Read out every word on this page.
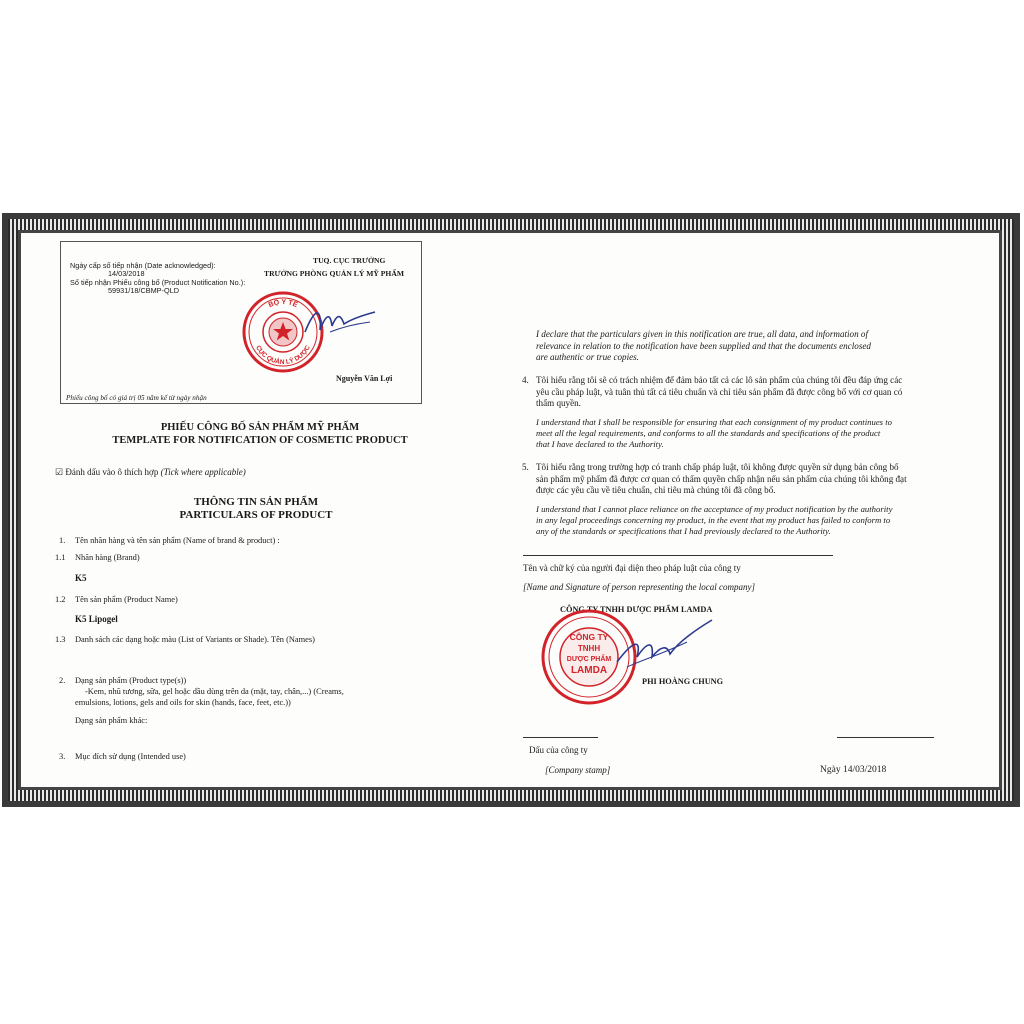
Ngày cấp số tiếp nhận (Date acknowledged):
14/03/2018
Số tiếp nhận Phiếu công bố (Product Notification No.):
59931/18/CBMP-QLD
TUQ. CỤC TRƯỞNG
TRƯỞNG PHÒNG QUẢN LÝ MỸ PHẨM
BỘ Y TẾ
CỤC QUẢN LÝ DƯỢC
Nguyễn Văn Lợi
Phiếu công bố có giá trị 05 năm kể từ ngày nhận
PHIẾU CÔNG BỐ SẢN PHẨM MỸ PHẨM
TEMPLATE FOR NOTIFICATION OF COSMETIC PRODUCT
☑ Đánh dấu vào ô thích hợp (Tick where applicable)
THÔNG TIN SẢN PHẨM
PARTICULARS OF PRODUCT
1. Tên nhãn hàng và tên sản phẩm (Name of brand & product) :
1.1 Nhãn hàng (Brand)
K5
1.2 Tên sản phẩm (Product Name)
K5 Lipogel
1.3 Danh sách các dạng hoặc màu (List of Variants or Shade). Tên (Names)
2. Dạng sản phẩm (Product type(s))
-Kem, nhũ tương, sữa, gel hoặc dầu dùng trên da (mặt, tay, chân,...) (Creams,
emulsions, lotions, gels and oils for skin (hands, face, feet, etc.))
Dạng sản phẩm khác:
3. Mục đích sử dụng (Intended use)
I declare that the particulars given in this notification are true, all data, and information of
relevance in relation to the notification have been supplied and that the documents enclosed
are authentic or true copies.
4. Tôi hiểu rằng tôi sẽ có trách nhiệm để đảm bảo tất cả các lô sản phẩm của chúng tôi đều đáp ứng các
yêu cầu pháp luật, và tuân thủ tất cả tiêu chuẩn và chỉ tiêu sản phẩm đã được công bố với cơ quan có
thẩm quyền.
I understand that I shall be responsible for ensuring that each consignment of my product continues to
meet all the legal requirements, and conforms to all the standards and specifications of the product
that I have declared to the Authority.
5. Tôi hiểu rằng trong trường hợp có tranh chấp pháp luật, tôi không được quyền sử dụng bản công bố
sản phẩm mỹ phẩm đã được cơ quan có thẩm quyền chấp nhận nếu sản phẩm của chúng tôi không đạt
được các yêu cầu về tiêu chuẩn, chỉ tiêu mà chúng tôi đã công bố.
I understand that I cannot place reliance on the acceptance of my product notification by the authority
in any legal proceedings concerning my product, in the event that my product has failed to conform to
any of the standards or specifications that I had previously declared to the Authority.
Tên và chữ ký của người đại diện theo pháp luật của công ty
[Name and Signature of person representing the local company]
CÔNG TY TNHH DƯỢC PHẨM LAMDA
CÔNG TY
TNHH
DƯỢC PHẨM
LAMDA
PHI HOÀNG CHUNG
Dấu của công ty
[Company stamp]	Ngày 14/03/2018
